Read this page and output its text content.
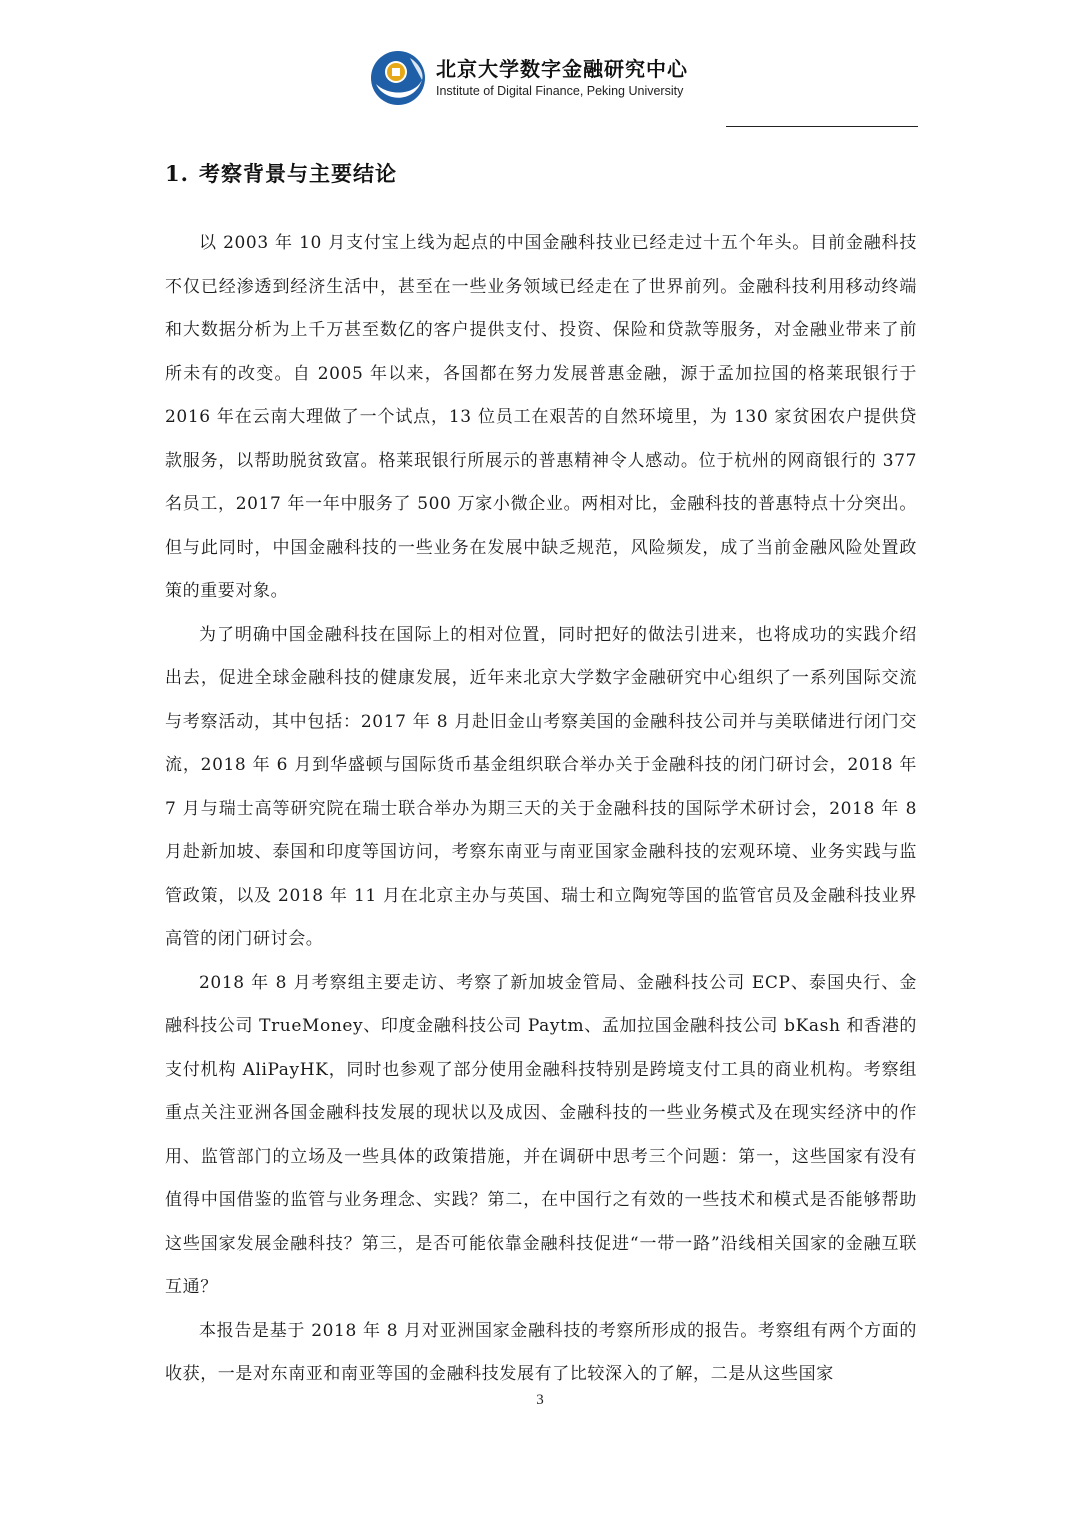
北京大学数字金融研究中心
Institute of Digital Finance, Peking University
1. 考察背景与主要结论

以 2003 年 10 月支付宝上线为起点的中国金融科技业已经走过十五个年头。目前金融科技不仅已经渗透到经济生活中，甚至在一些业务领域已经走在了世界前列。金融科技利用移动终端和大数据分析为上千万甚至数亿的客户提供支付、投资、保险和贷款等服务，对金融业带来了前所未有的改变。自 2005 年以来，各国都在努力发展普惠金融，源于孟加拉国的格莱珉银行于 2016 年在云南大理做了一个试点，13 位员工在艰苦的自然环境里，为 130 家贫困农户提供贷款服务，以帮助脱贫致富。格莱珉银行所展示的普惠精神令人感动。位于杭州的网商银行的 377 名员工，2017 年一年中服务了 500 万家小微企业。两相对比，金融科技的普惠特点十分突出。但与此同时，中国金融科技的一些业务在发展中缺乏规范，风险频发，成了当前金融风险处置政策的重要对象。

为了明确中国金融科技在国际上的相对位置，同时把好的做法引进来，也将成功的实践介绍出去，促进全球金融科技的健康发展，近年来北京大学数字金融研究中心组织了一系列国际交流与考察活动，其中包括：2017 年 8 月赴旧金山考察美国的金融科技公司并与美联储进行闭门交流，2018 年 6 月到华盛顿与国际货币基金组织联合举办关于金融科技的闭门研讨会，2018 年 7 月与瑞士高等研究院在瑞士联合举办为期三天的关于金融科技的国际学术研讨会，2018 年 8 月赴新加坡、泰国和印度等国访问，考察东南亚与南亚国家金融科技的宏观环境、业务实践与监管政策，以及 2018 年 11 月在北京主办与英国、瑞士和立陶宛等国的监管官员及金融科技业界高管的闭门研讨会。

2018 年 8 月考察组主要走访、考察了新加坡金管局、金融科技公司 ECP、泰国央行、金融科技公司 TrueMoney、印度金融科技公司 Paytm、孟加拉国金融科技公司 bKash 和香港的支付机构 AliPayHK，同时也参观了部分使用金融科技特别是跨境支付工具的商业机构。考察组重点关注亚洲各国金融科技发展的现状以及成因、金融科技的一些业务模式及在现实经济中的作用、监管部门的立场及一些具体的政策措施，并在调研中思考三个问题：第一，这些国家有没有值得中国借鉴的监管与业务理念、实践？第二，在中国行之有效的一些技术和模式是否能够帮助这些国家发展金融科技？第三，是否可能依靠金融科技促进“一带一路”沿线相关国家的金融互联互通？

本报告是基于 2018 年 8 月对亚洲国家金融科技的考察所形成的报告。考察组有两个方面的收获，一是对东南亚和南亚等国的金融科技发展有了比较深入的了解，二是从这些国家

3
